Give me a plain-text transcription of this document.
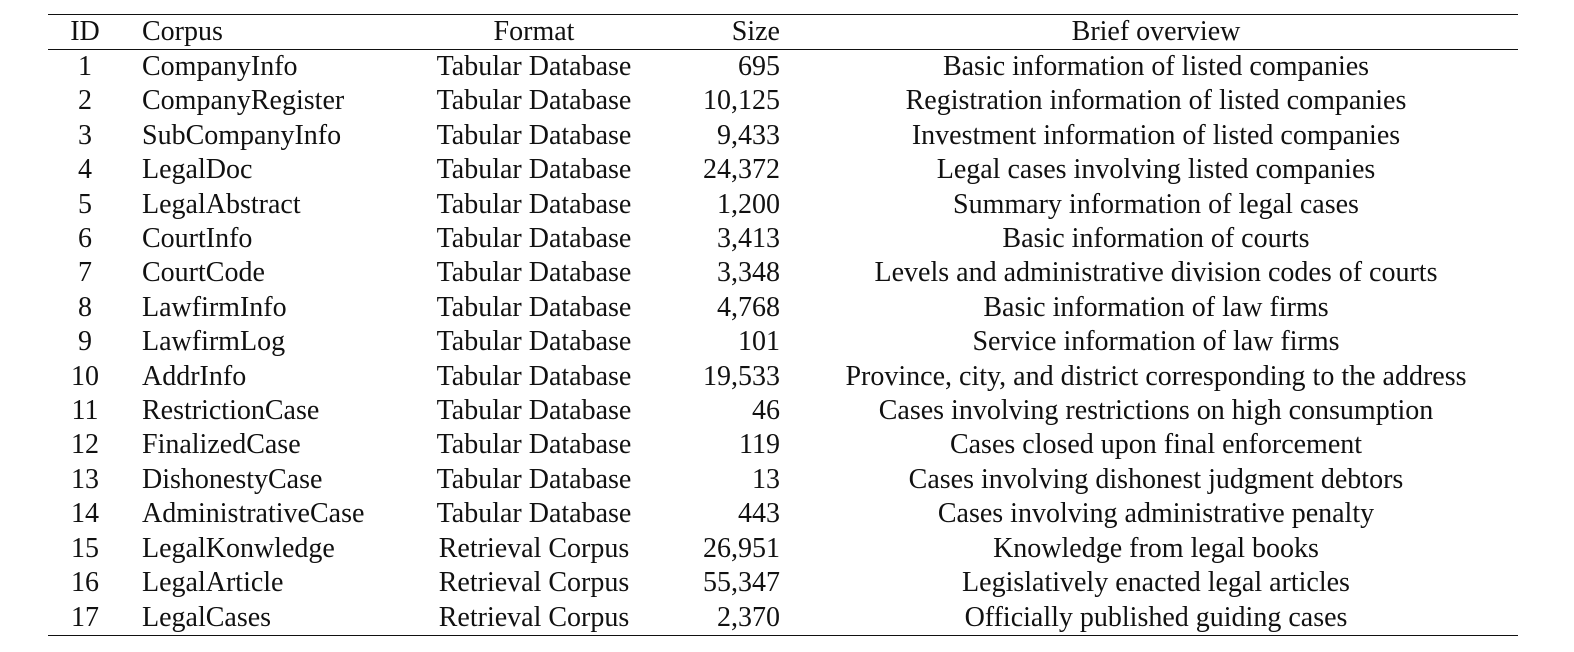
ID	Corpus	Format	Size	Brief overview
1	CompanyInfo	Tabular Database	695	Basic information of listed companies
2	CompanyRegister	Tabular Database	10,125	Registration information of listed companies
3	SubCompanyInfo	Tabular Database	9,433	Investment information of listed companies
4	LegalDoc	Tabular Database	24,372	Legal cases involving listed companies
5	LegalAbstract	Tabular Database	1,200	Summary information of legal cases
6	CourtInfo	Tabular Database	3,413	Basic information of courts
7	CourtCode	Tabular Database	3,348	Levels and administrative division codes of courts
8	LawfirmInfo	Tabular Database	4,768	Basic information of law firms
9	LawfirmLog	Tabular Database	101	Service information of law firms
10	AddrInfo	Tabular Database	19,533	Province, city, and district corresponding to the address
11	RestrictionCase	Tabular Database	46	Cases involving restrictions on high consumption
12	FinalizedCase	Tabular Database	119	Cases closed upon final enforcement
13	DishonestyCase	Tabular Database	13	Cases involving dishonest judgment debtors
14	AdministrativeCase	Tabular Database	443	Cases involving administrative penalty
15	LegalKonwledge	Retrieval Corpus	26,951	Knowledge from legal books
16	LegalArticle	Retrieval Corpus	55,347	Legislatively enacted legal articles
17	LegalCases	Retrieval Corpus	2,370	Officially published guiding cases
